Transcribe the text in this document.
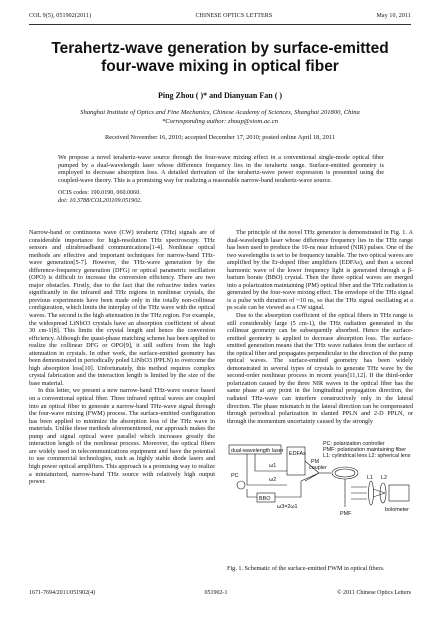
COL 9(5), 051902(2011)	CHINESE OPTICS LETTERS	May 10, 2011
Terahertz-wave generation by surface-emitted
four-wave mixing in optical fiber
Ping Zhou ( )* and Dianyuan Fan ( )
Shanghai Institute of Optics and Fine Mechanics, Chinese Academy of Sciences, Shanghai 201800, China
*Corresponding author: zhoup@siom.ac.cn
Received November 16, 2010; accepted December 17, 2010; posted online April 18, 2011
We propose a novel terahertz-wave source through the four-wave mixing effect in a conventional single-mode optical fiber pumped by a dual-wavelength laser whose difference frequency lies in the terahertz range. Surface-emitted geometry is employed to decrease absorption loss. A detailed derivation of the terahertz-wave power expression is presented using the coupled-wave theory. This is a promising way for realizing a reasonable narrow-band terahertz-wave source.
OCIS codes: 190.0190, 060.0060.
doi: 10.3788/COL201109.051902.

Narrow-band or continuous wave (CW) terahertz (THz) signals are of considerable importance for high-resolution THz spectroscopy. THz sensors and ultrabroadband communications[1-4]. Nonlinear optical methods are effective and important techniques for narrow-band THz-wave generation[5-7]. However, the THz-wave generation by the difference-frequency generation (DFG) or optical parametric oscillation (OPO) is difficult to increase the conversion efficiency. There are two major obstacles. Firstly, due to the fact that the refractive index varies significantly in the infrared and THz regions in nonlinear crystals, the previous experiments have been made only in the totally non-collinear configuration, which limits the interplay of the THz wave with the optical waves. The second is the high attenuation in the THz region. For example, the widespread LiNbO3 crystals have an absorption coefficient of about 30 cm-1[8]. This limits the crystal length and hence the conversion efficiency. Although the quasi-phase matching scheme has been applied to realize the collinear DFG or OPO[9], it still suffers from the high attenuation in crystals. In other work, the surface-emitted geometry has been demonstrated in periodically poled LiNbO3 (PPLN) to overcome the high absorption loss[10]. Unfortunately, this method requires complex crystal fabrication and the interaction length is limited by the size of the base material.

In this letter, we present a new narrow-band THz-wave source based on a conventional optical fiber. Three infrared optical waves are coupled into an optical fiber to generate a narrow-band THz-wave signal through the four-wave mixing (FWM) process. The surface-emitted configuration has been applied to minimize the absorption loss of the THz wave in materials. Unlike those methods aforementioned, our approach makes the pump and signal optical wave parallel which increases greatly the interaction length of the nonlinear process. Moreover, the optical fibers are widely used in telecommunications equipment and have the potential to use commercial technologies, such as highly stable diode lasers and high power optical amplifiers. This approach is a promising way to realize a miniaturized, narrow-band THz source with relatively high output power.

The principle of the novel THz generator is demonstrated in Fig. 1. A dual-wavelength laser whose difference frequency lies in the THz range has been used to produce the 10-ns near infrared (NIR) pulses. One of the two wavelengths is set to be frequency tunable. The two optical waves are amplified by the Er-doped fiber amplifiers (EDFAs), and then a second harmonic wave of the lower frequency light is generated through a β-barium borate (BBO) crystal. Then the three optical waves are merged into a polarization maintaining (PM) optical fiber and the THz radiation is generated by the four-wave mixing effect. The envelope of the THz signal is a pulse with duration of ~10 ns, so that the THz signal oscillating at a ps scale can be viewed as a CW signal.

Due to the absorption coefficient of the optical fibers in THz range is still considerably large (5 cm-1), the THz radiation generated in the collinear geometry can be subsequently absorbed. Hence the surface-emitted geometry is applied to decrease absorption loss. The surface-emitted generation means that the THz wave radiates from the surface of the optical fiber and propagates perpendicular to the direction of the pump optical waves. The surface-emitted geometry has been widely demonstrated in several types of crystals to generate THz wave by the second-order nonlinear process in recent years[11,12]. If the third-order polarization caused by the three NIR waves in the optical fiber has the same phase at any point in the longitudinal propagation direction, the radiated THz-wave can interfere constructively only in the lateral direction. The phase mismatch in the lateral direction can be compensated through periodical polarization in slanted PPLN and 2-D PPLN, or through the momentum uncertainty caused by the strongly

dual-wavelength laser EDFAs
PC
BBO
ω1
ω2
ω3=2ω1
PM coupler
PMF
L1 L2
bolometer
PC: polarization controller
PMF: polarization maintaining fiber
L1: cylindrical lens L2: spherical lens
Fig. 1. Schematic of the surface-emitted FWM in optical fibers.
1671-7694/2011/051902(4)	051902-1	© 2011 Chinese Optics Letters
